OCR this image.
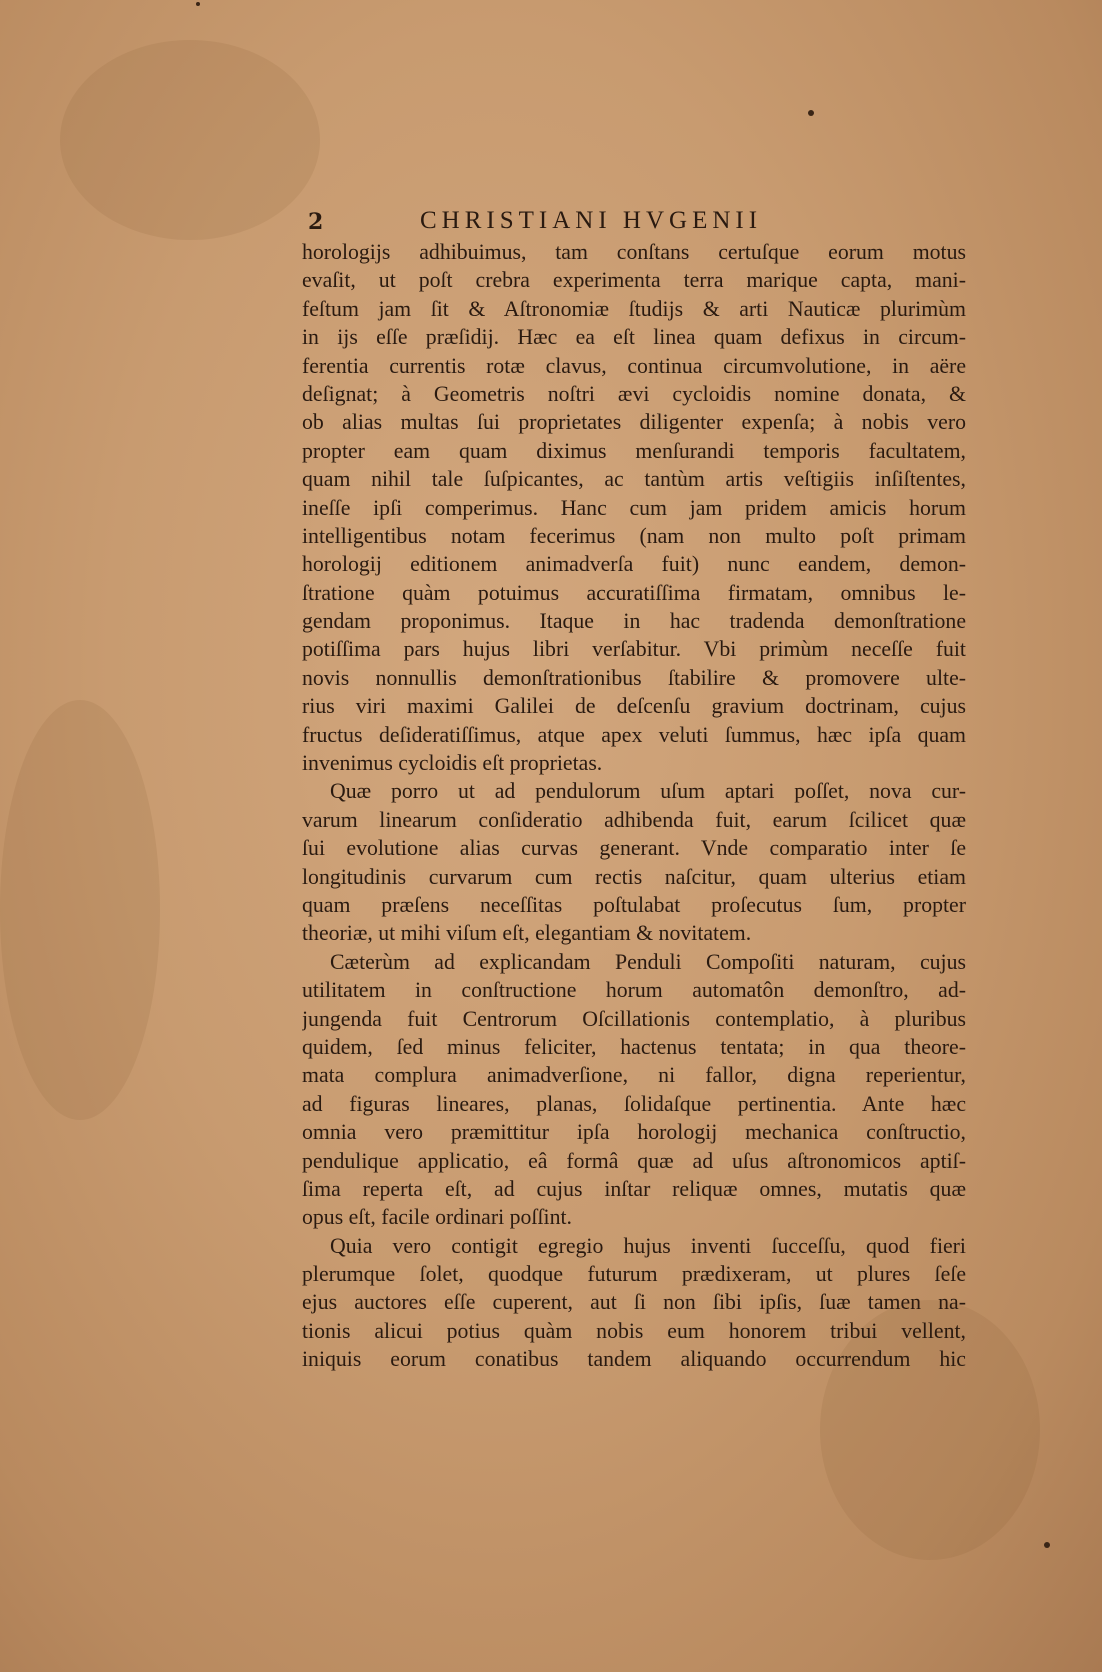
2	CHRISTIANI HVGENII
horologijs adhibuimus, tam conſtans certuſque eorum motus
evaſit, ut poſt crebra experimenta terra marique capta, mani-
feſtum jam ſit & Aſtronomiæ ſtudijs & arti Nauticæ plurimùm
in ijs eſſe præſidij. Hæc ea eſt linea quam defixus in circum-
ferentia currentis rotæ clavus, continua circumvolutione, in aëre
deſignat; à Geometris noſtri ævi cycloidis nomine donata, &
ob alias multas ſui proprietates diligenter expenſa; à nobis vero
propter eam quam diximus menſurandi temporis facultatem,
quam nihil tale ſuſpicantes, ac tantùm artis veſtigiis inſiſtentes,
ineſſe ipſi comperimus. Hanc cum jam pridem amicis horum
intelligentibus notam fecerimus (nam non multo poſt primam
horologij editionem animadverſa fuit) nunc eandem, demon-
ſtratione quàm potuimus accuratiſſima firmatam, omnibus le-
gendam proponimus. Itaque in hac tradenda demonſtratione
potiſſima pars hujus libri verſabitur. Vbi primùm neceſſe fuit
novis nonnullis demonſtrationibus ſtabilire & promovere ulte-
rius viri maximi Galilei de deſcenſu gravium doctrinam, cujus
fructus deſideratiſſimus, atque apex veluti ſummus, hæc ipſa quam
invenimus cycloidis eſt proprietas.
Quæ porro ut ad pendulorum uſum aptari poſſet, nova cur-
varum linearum conſideratio adhibenda fuit, earum ſcilicet quæ
ſui evolutione alias curvas generant. Vnde comparatio inter ſe
longitudinis curvarum cum rectis naſcitur, quam ulterius etiam
quam præſens neceſſitas poſtulabat proſecutus ſum, propter
theoriæ, ut mihi viſum eſt, elegantiam & novitatem.
Cæterùm ad explicandam Penduli Compoſiti naturam, cujus
utilitatem in conſtructione horum automatôn demonſtro, ad-
jungenda fuit Centrorum Oſcillationis contemplatio, à pluribus
quidem, ſed minus feliciter, hactenus tentata; in qua theore-
mata complura animadverſione, ni fallor, digna reperientur,
ad figuras lineares, planas, ſolidaſque pertinentia. Ante hæc
omnia vero præmittitur ipſa horologij mechanica conſtructio,
pendulique applicatio, eâ formâ quæ ad uſus aſtronomicos aptiſ-
ſima reperta eſt, ad cujus inſtar reliquæ omnes, mutatis quæ
opus eſt, facile ordinari poſſint.
Quia vero contigit egregio hujus inventi ſucceſſu, quod fieri
plerumque ſolet, quodque futurum prædixeram, ut plures ſeſe
ejus auctores eſſe cuperent, aut ſi non ſibi ipſis, ſuæ tamen na-
tionis alicui potius quàm nobis eum honorem tribui vellent,
iniquis eorum conatibus tandem aliquando occurrendum hic
